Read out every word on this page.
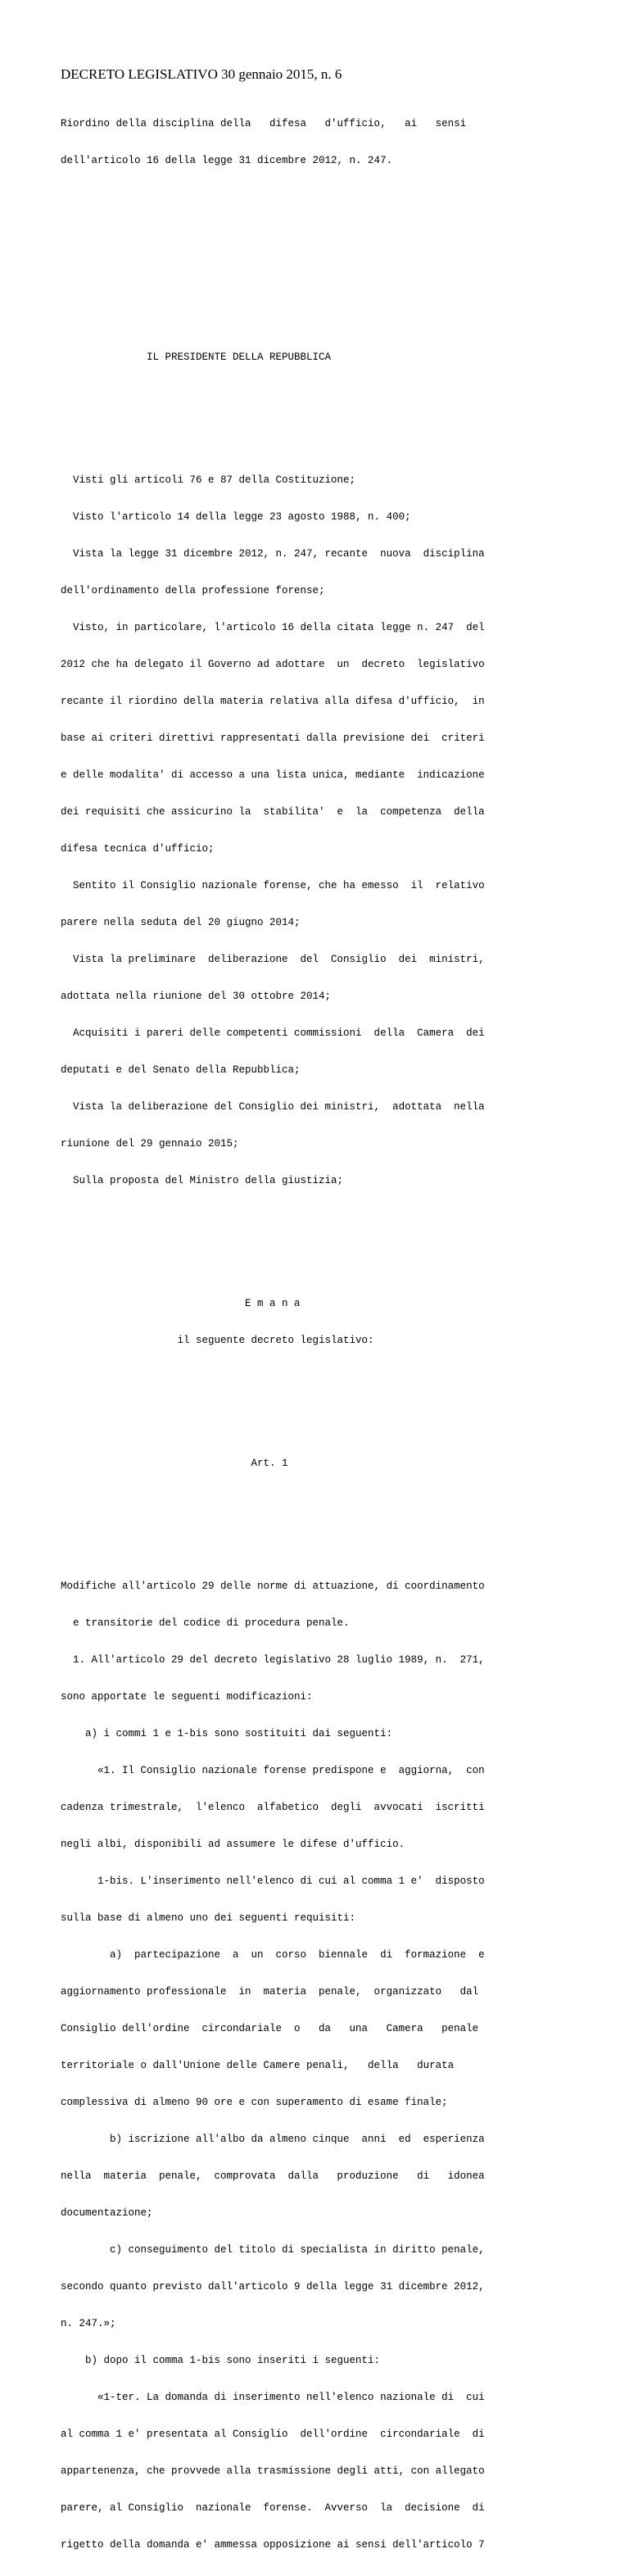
DECRETO LEGISLATIVO 30 gennaio 2015, n. 6

Riordino della disciplina della   difesa   d'ufficio,   ai   sensi

dell'articolo 16 della legge 31 dicembre 2012, n. 247.

IL PRESIDENTE DELLA REPUBBLICA

Visti gli articoli 76 e 87 della Costituzione;

Visto l'articolo 14 della legge 23 agosto 1988, n. 400;

Vista la legge 31 dicembre 2012, n. 247, recante  nuova  disciplina

dell'ordinamento della professione forense;

Visto, in particolare, l'articolo 16 della citata legge n. 247  del

2012 che ha delegato il Governo ad adottare  un  decreto  legislativo

recante il riordino della materia relativa alla difesa d'ufficio,  in

base ai criteri direttivi rappresentati dalla previsione dei  criteri

e delle modalita' di accesso a una lista unica, mediante  indicazione

dei requisiti che assicurino la  stabilita'  e  la  competenza  della

difesa tecnica d'ufficio;

Sentito il Consiglio nazionale forense, che ha emesso  il  relativo

parere nella seduta del 20 giugno 2014;

Vista la preliminare  deliberazione  del  Consiglio  dei  ministri,

adottata nella riunione del 30 ottobre 2014;

Acquisiti i pareri delle competenti commissioni  della  Camera  dei

deputati e del Senato della Repubblica;

Vista la deliberazione del Consiglio dei ministri,  adottata  nella

riunione del 29 gennaio 2015;

Sulla proposta del Ministro della giustizia;

E m a n a

il seguente decreto legislativo:

Art. 1

Modifiche all'articolo 29 delle norme di attuazione, di coordinamento

e transitorie del codice di procedura penale.

1. All'articolo 29 del decreto legislativo 28 luglio 1989, n.  271,

sono apportate le seguenti modificazioni:

a) i commi 1 e 1-bis sono sostituiti dai seguenti:

«1. Il Consiglio nazionale forense predispone e  aggiorna,  con

cadenza trimestrale,  l'elenco  alfabetico  degli  avvocati  iscritti

negli albi, disponibili ad assumere le difese d'ufficio.

1-bis. L'inserimento nell'elenco di cui al comma 1 e'  disposto

sulla base di almeno uno dei seguenti requisiti:

a)  partecipazione  a  un  corso  biennale  di  formazione  e

aggiornamento professionale  in  materia  penale,  organizzato   dal

Consiglio dell'ordine  circondariale  o   da   una   Camera   penale

territoriale o dall'Unione delle Camere penali,   della   durata

complessiva di almeno 90 ore e con superamento di esame finale;

b) iscrizione all'albo da almeno cinque  anni  ed  esperienza

nella  materia  penale,  comprovata  dalla   produzione   di   idonea

documentazione;

c) conseguimento del titolo di specialista in diritto penale,

secondo quanto previsto dall'articolo 9 della legge 31 dicembre 2012,

n. 247.»;

b) dopo il comma 1-bis sono inseriti i seguenti:

«1-ter. La domanda di inserimento nell'elenco nazionale di  cui

al comma 1 e' presentata al Consiglio  dell'ordine  circondariale  di

appartenenza, che provvede alla trasmissione degli atti, con allegato

parere, al Consiglio  nazionale  forense.  Avverso  la  decisione  di

rigetto della domanda e' ammessa opposizione ai sensi dell'articolo 7
